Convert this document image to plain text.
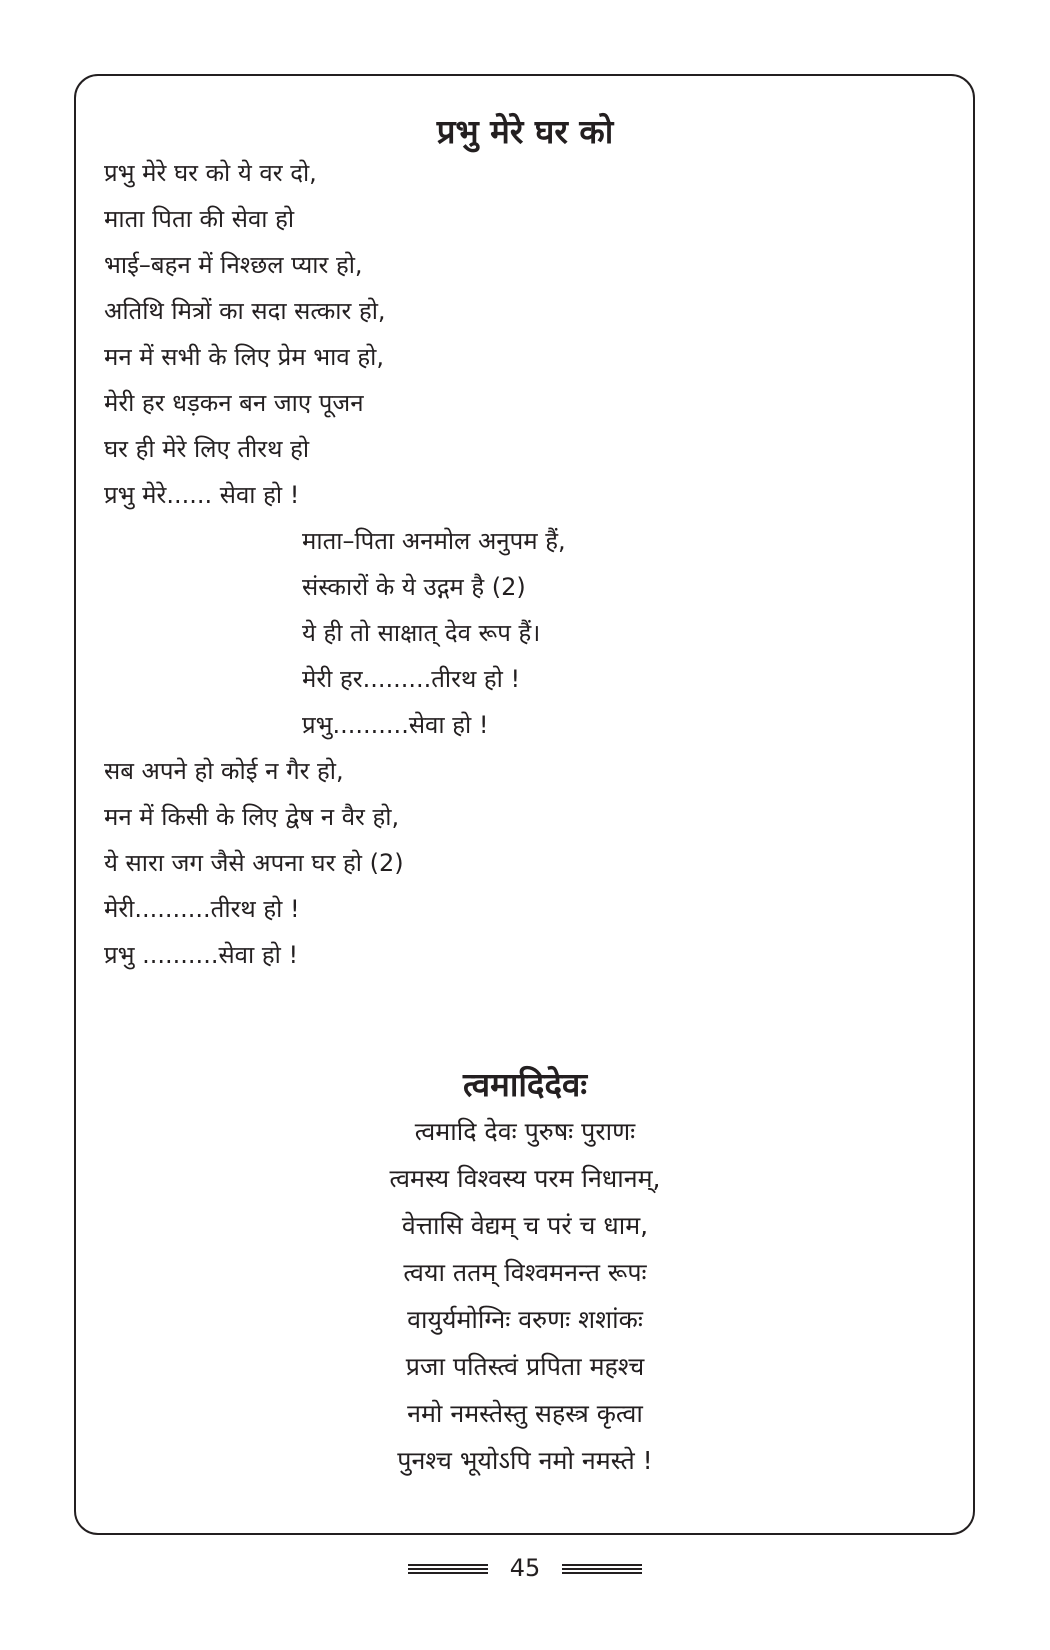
प्रभु मेरे घर को
प्रभु मेरे घर को ये वर दो,
माता पिता की सेवा हो
भाई–बहन में निश्छल प्यार हो,
अतिथि मित्रों का सदा सत्कार हो,
मन में सभी के लिए प्रेम भाव हो,
मेरी हर धड़कन बन जाए पूजन
घर ही मेरे लिए तीरथ हो
प्रभु मेरे...... सेवा हो !
माता–पिता अनमोल अनुपम हैं,
संस्कारों के ये उद्गम है (2)
ये ही तो साक्षात् देव रूप हैं।
मेरी हर.........तीरथ हो !
प्रभु..........सेवा हो !
सब अपने हो कोई न गैर हो,
मन में किसी के लिए द्वेष न वैर हो,
ये सारा जग जैसे अपना घर हो (2)
मेरी..........तीरथ हो !
प्रभु ..........सेवा हो !
त्वमादिदेवः
त्वमादि देवः पुरुषः पुराणः
त्वमस्य विश्वस्य परम निधानम्,
वेत्तासि वेद्यम् च परं च धाम,
त्वया ततम् विश्वमनन्त रूपः
वायुर्यमोग्निः वरुणः शशांकः
प्रजा पतिस्त्वं प्रपिता महश्च
नमो नमस्तेस्तु सहस्त्र कृत्वा
पुनश्च भूयोऽपि नमो नमस्ते !
45
